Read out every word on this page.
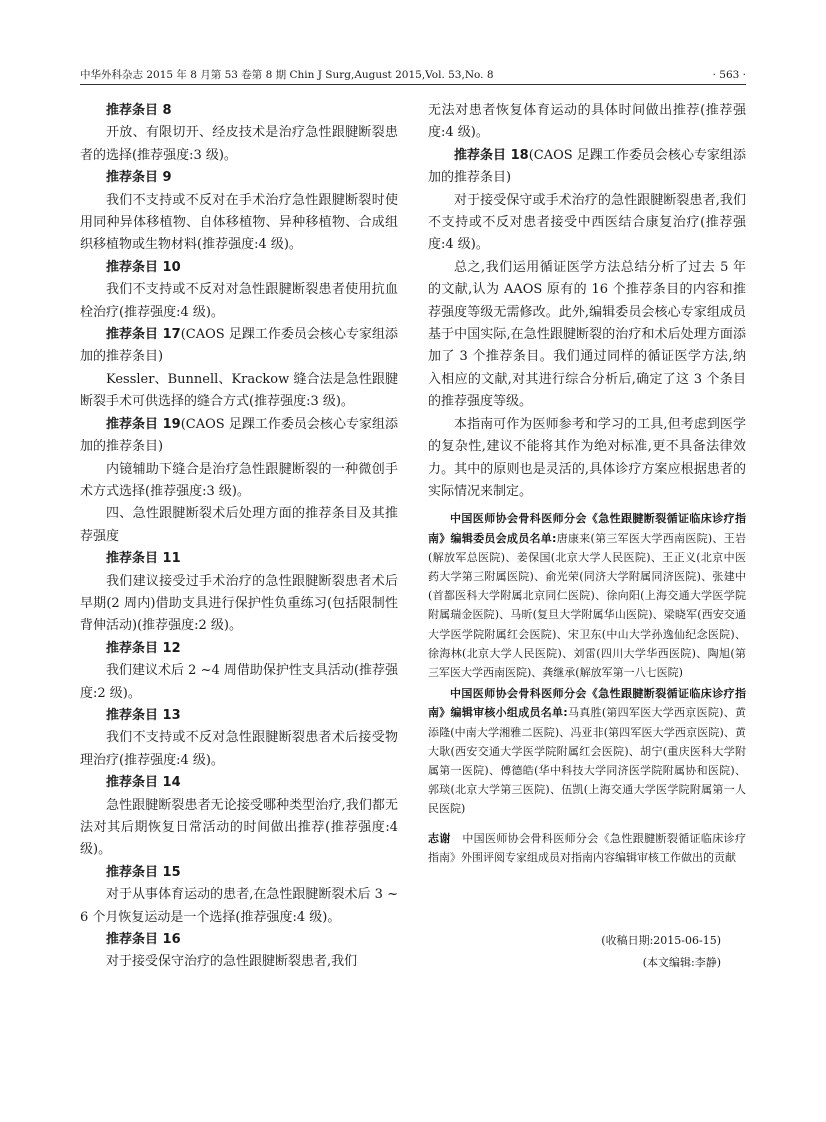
中华外科杂志 2015 年 8 月第 53 卷第 8 期 Chin J Surg,August 2015,Vol. 53,No. 8	· 563 ·

推荐条目 8

开放、有限切开、经皮技术是治疗急性跟腱断裂患者的选择(推荐强度:3 级)。

推荐条目 9

我们不支持或不反对在手术治疗急性跟腱断裂时使用同种异体移植物、自体移植物、异种移植物、合成组织移植物或生物材料(推荐强度:4 级)。

推荐条目 10

我们不支持或不反对对急性跟腱断裂患者使用抗血栓治疗(推荐强度:4 级)。

推荐条目 17(CAOS 足踝工作委员会核心专家组添加的推荐条目)

Kessler、Bunnell、Krackow 缝合法是急性跟腱断裂手术可供选择的缝合方式(推荐强度:3 级)。

推荐条目 19(CAOS 足踝工作委员会核心专家组添加的推荐条目)

内镜辅助下缝合是治疗急性跟腱断裂的一种微创手术方式选择(推荐强度:3 级)。

四、急性跟腱断裂术后处理方面的推荐条目及其推荐强度

推荐条目 11

我们建议接受过手术治疗的急性跟腱断裂患者术后早期(2 周内)借助支具进行保护性负重练习(包括限制性背伸活动)(推荐强度:2 级)。

推荐条目 12

我们建议术后 2 ~4 周借助保护性支具活动(推荐强度:2 级)。

推荐条目 13

我们不支持或不反对急性跟腱断裂患者术后接受物理治疗(推荐强度:4 级)。

推荐条目 14

急性跟腱断裂患者无论接受哪种类型治疗,我们都无法对其后期恢复日常活动的时间做出推荐(推荐强度:4 级)。

推荐条目 15

对于从事体育运动的患者,在急性跟腱断裂术后 3 ~6 个月恢复运动是一个选择(推荐强度:4 级)。

推荐条目 16

对于接受保守治疗的急性跟腱断裂患者,我们

无法对患者恢复体育运动的具体时间做出推荐(推荐强度:4 级)。

推荐条目 18(CAOS 足踝工作委员会核心专家组添加的推荐条目)

对于接受保守或手术治疗的急性跟腱断裂患者,我们不支持或不反对患者接受中西医结合康复治疗(推荐强度:4 级)。

总之,我们运用循证医学方法总结分析了过去 5 年的文献,认为 AAOS 原有的 16 个推荐条目的内容和推荐强度等级无需修改。此外,编辑委员会核心专家组成员基于中国实际,在急性跟腱断裂的治疗和术后处理方面添加了 3 个推荐条目。我们通过同样的循证医学方法,纳入相应的文献,对其进行综合分析后,确定了这 3 个条目的推荐强度等级。

本指南可作为医师参考和学习的工具,但考虑到医学的复杂性,建议不能将其作为绝对标准,更不具备法律效力。其中的原则也是灵活的,具体诊疗方案应根据患者的实际情况来制定。

中国医师协会骨科医师分会《急性跟腱断裂循证临床诊疗指南》编辑委员会成员名单:唐康来(第三军医大学西南医院)、王岩(解放军总医院)、姜保国(北京大学人民医院)、王正义(北京中医药大学第三附属医院)、俞光荣(同济大学附属同济医院)、张建中(首都医科大学附属北京同仁医院)、徐向阳(上海交通大学医学院附属瑞金医院)、马昕(复旦大学附属华山医院)、梁晓军(西安交通大学医学院附属红会医院)、宋卫东(中山大学孙逸仙纪念医院)、徐海林(北京大学人民医院)、刘雷(四川大学华西医院)、陶旭(第三军医大学西南医院)、龚继承(解放军第一八七医院)

中国医师协会骨科医师分会《急性跟腱断裂循证临床诊疗指南》编辑审核小组成员名单:马真胜(第四军医大学西京医院)、黄添隆(中南大学湘雅二医院)、冯亚非(第四军医大学西京医院)、黄大耿(西安交通大学医学院附属红会医院)、胡宁(重庆医科大学附属第一医院)、傅德皓(华中科技大学同济医学院附属协和医院)、郭琰(北京大学第三医院)、伍凯(上海交通大学医学院附属第一人民医院)

志谢 中国医师协会骨科医师分会《急性跟腱断裂循证临床诊疗指南》外围评阅专家组成员对指南内容编辑审核工作做出的贡献
(收稿日期:2015-06-15)
(本文编辑:李静)
